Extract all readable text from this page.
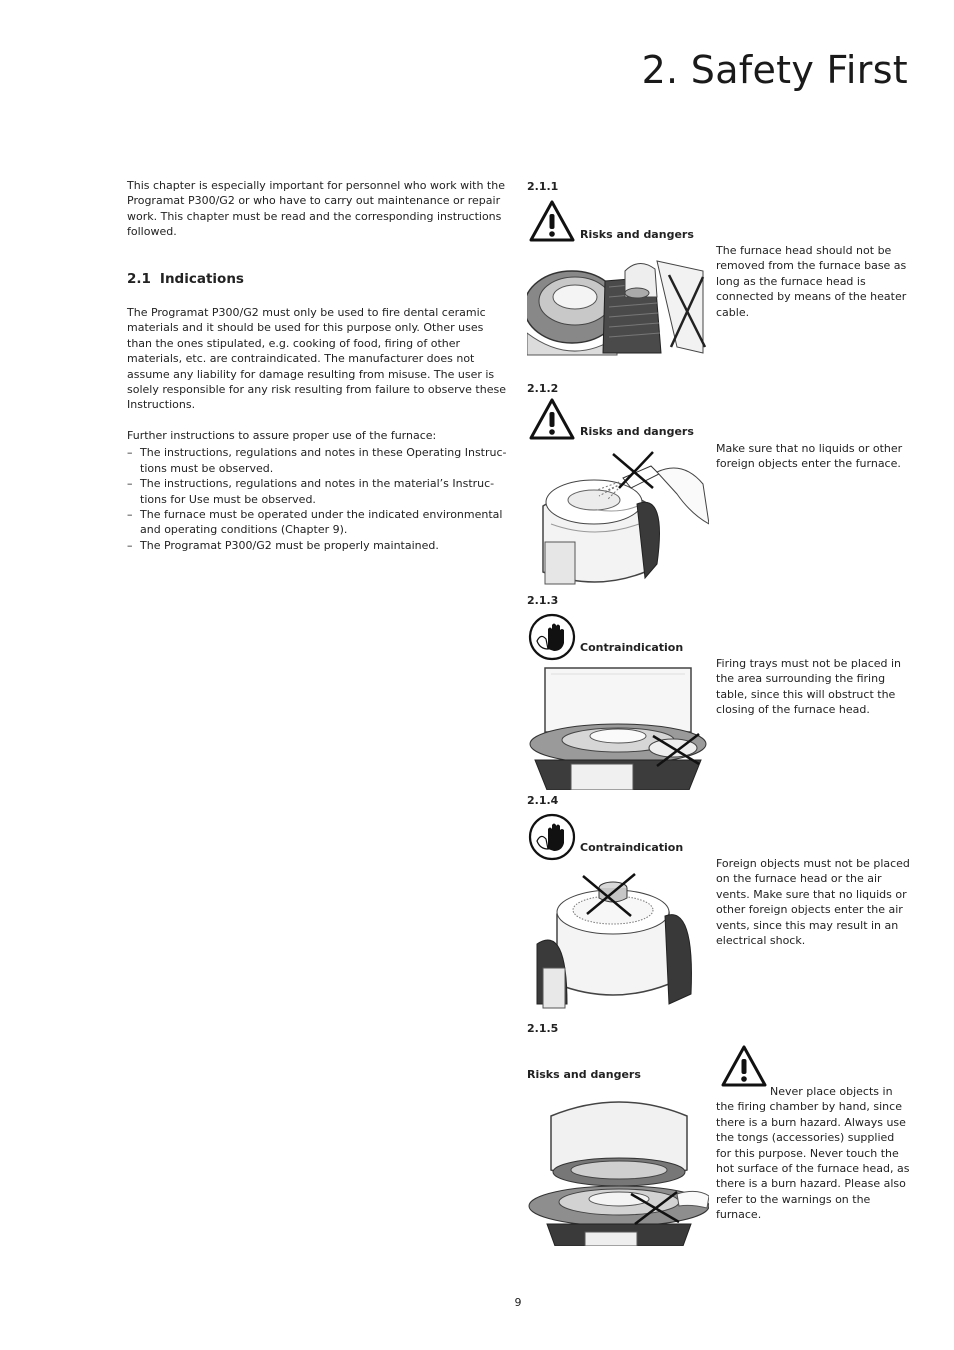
2. Safety First
This chapter is especially important for personnel who work with the Programat P300/G2 or who have to carry out maintenance or repair work. This chapter must be read and the corresponding instructions followed.
2.1 Indications
The Programat P300/G2 must only be used to fire dental ceramic materials and it should be used for this purpose only. Other uses than the ones stipulated, e.g. cooking of food, firing of other materials, etc. are contraindicated. The manufacturer does not assume any liability for damage resulting from misuse. The user is solely responsible for any risk resulting from failure to observe these Instructions.
Further instructions to assure proper use of the furnace:
– The instructions, regulations and notes in these Operating Instruc-tions must be observed.
– The instructions, regulations and notes in the material’s Instruc-tions for Use must be observed.
– The furnace must be operated under the indicated environmental and operating conditions (Chapter 9).
– The Programat P300/G2 must be properly maintained.
2.1.1
Risks and dangers
The furnace head should not be removed from the furnace base as long as the furnace head is connected by means of the heater cable.
2.1.2
Risks and dangers
Make sure that no liquids or other foreign objects enter the furnace.
2.1.3
Contraindication
Firing trays must not be placed in the area surrounding the firing table, since this will obstruct the closing of the furnace head.
2.1.4
Contraindication
Foreign objects must not be placed on the furnace head or the air vents. Make sure that no liquids or other foreign objects enter the air vents, since this may result in an electrical shock.
2.1.5
Risks and dangers
Never place objects in the firing chamber by hand, since there is a burn hazard. Always use the tongs (accessories) supplied for this purpose. Never touch the hot surface of the furnace head, as there is a burn hazard. Please also refer to the warnings on the furnace.
9
